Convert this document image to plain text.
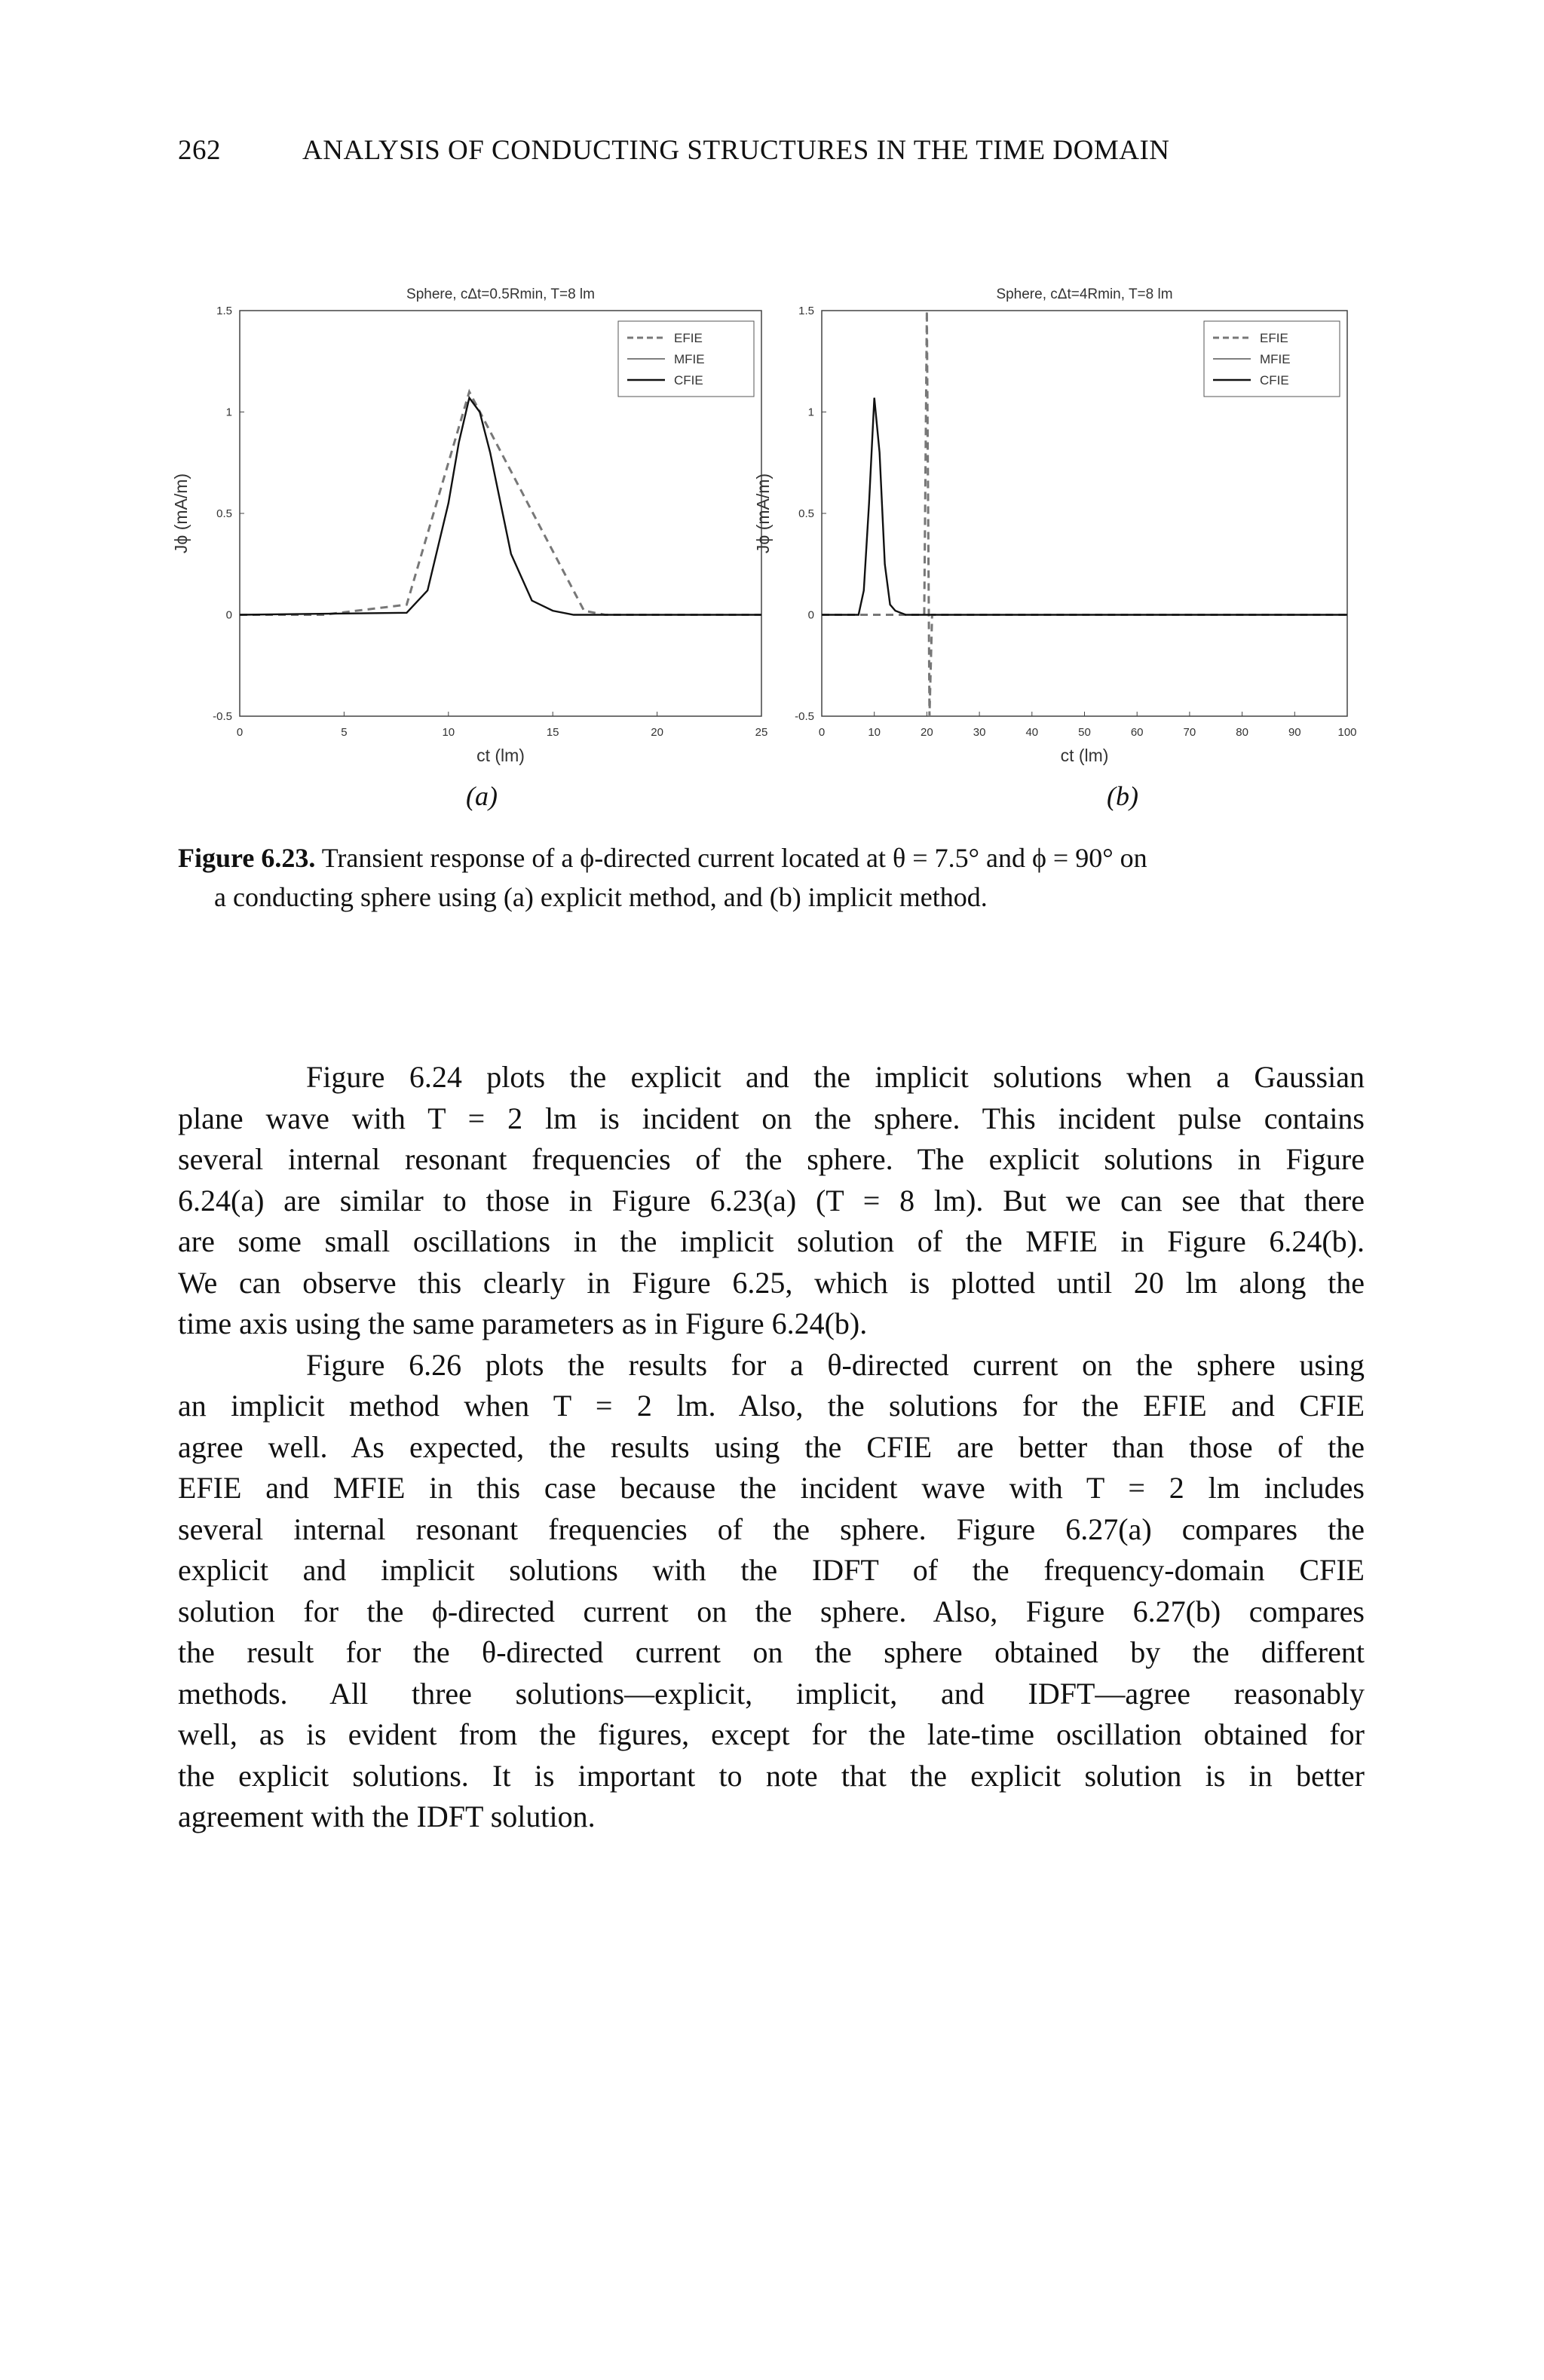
262	ANALYSIS OF CONDUCTING STRUCTURES IN THE TIME DOMAIN
Sphere, cΔt=0.5Rmin, T=8 lm
0	5	10	15	20	25
-0.5
0
0.5
1
1.5
ct (lm)
Jϕ (mA/m)
EFIE
MFIE
CFIE
Sphere, cΔt=4Rmin, T=8 lm
0	10	20	30	40	50	60	70	80	90	100
-0.5
0
0.5
1
1.5
ct (lm)
Jϕ (mA/m)
EFIE
MFIE
CFIE
(a)	(b)
Figure 6.23. Transient response of a ϕ-directed current located at θ = 7.5° and ϕ = 90° on
a conducting sphere using (a) explicit method, and (b) implicit method.
Figure 6.24 plots the explicit and the implicit solutions when a Gaussian
plane wave with T = 2 lm is incident on the sphere. This incident pulse contains
several internal resonant frequencies of the sphere. The explicit solutions in Figure
6.24(a) are similar to those in Figure 6.23(a) (T = 8 lm). But we can see that there
are some small oscillations in the implicit solution of the MFIE in Figure 6.24(b).
We can observe this clearly in Figure 6.25, which is plotted until 20 lm along the
time axis using the same parameters as in Figure 6.24(b).
Figure 6.26 plots the results for a θ-directed current on the sphere using
an implicit method when T = 2 lm. Also, the solutions for the EFIE and CFIE
agree well. As expected, the results using the CFIE are better than those of the
EFIE and MFIE in this case because the incident wave with T = 2 lm includes
several internal resonant frequencies of the sphere. Figure 6.27(a) compares the
explicit and implicit solutions with the IDFT of the frequency-domain CFIE
solution for the ϕ-directed current on the sphere. Also, Figure 6.27(b) compares
the result for the θ-directed current on the sphere obtained by the different
methods. All three solutions—explicit, implicit, and IDFT—agree reasonably
well, as is evident from the figures, except for the late-time oscillation obtained for
the explicit solutions. It is important to note that the explicit solution is in better
agreement with the IDFT solution.
